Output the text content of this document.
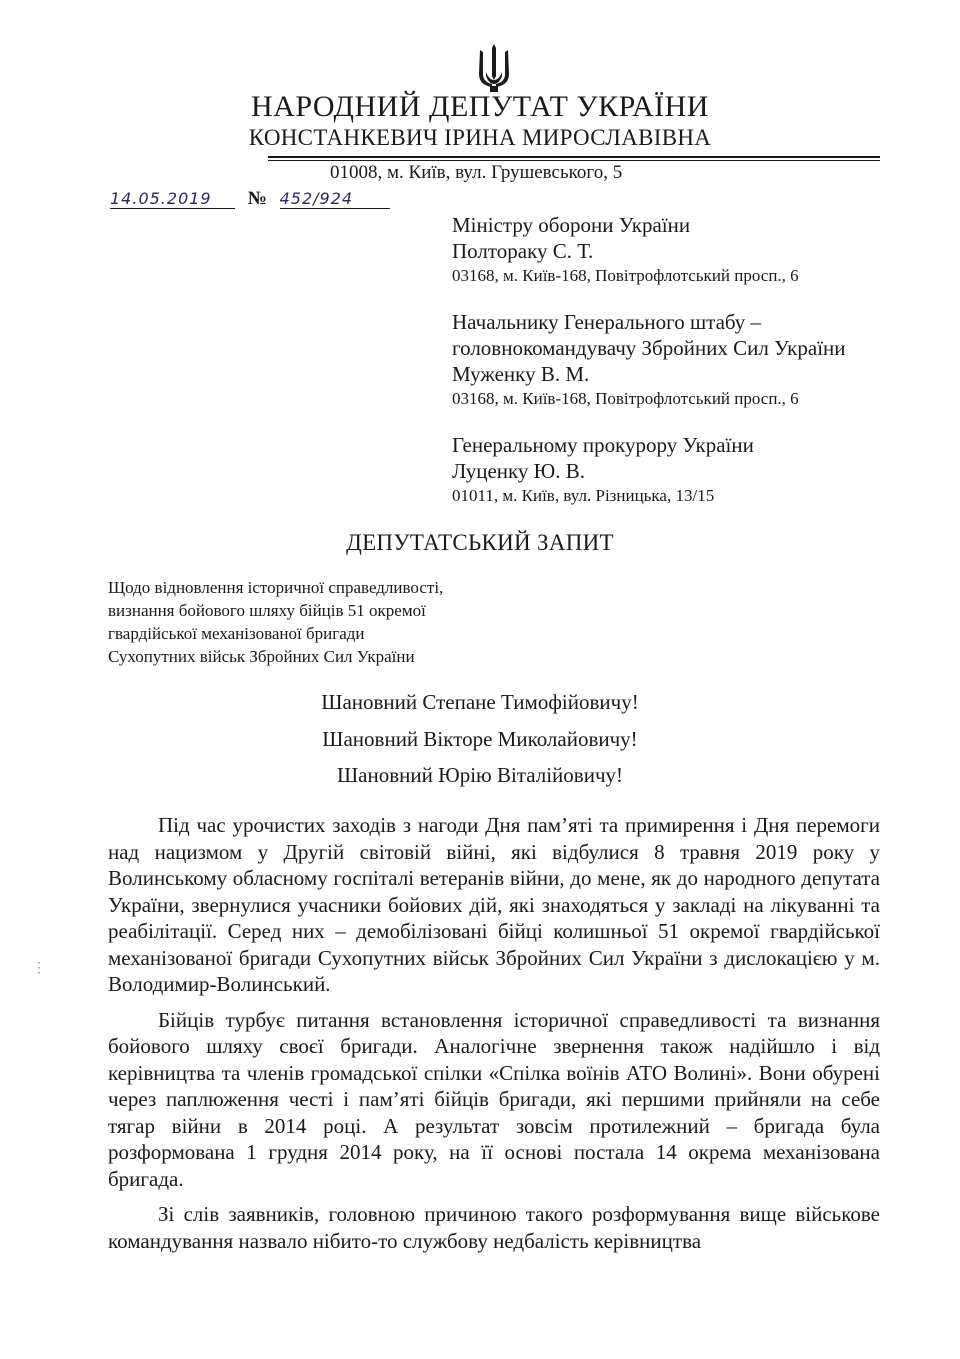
НАРОДНИЙ ДЕПУТАТ УКРАЇНИ
КОНСТАНКЕВИЧ ІРИНА МИРОСЛАВІВНА
01008, м. Київ, вул. Грушевського, 5
14.05.2019 № 452/924
Міністру оборони України
Полтораку С. Т.
03168, м. Київ-168, Повітрофлотський просп., 6
Начальнику Генерального штабу –
головнокомандувачу Збройних Сил України
Муженку В. М.
03168, м. Київ-168, Повітрофлотський просп., 6
Генеральному прокурору України
Луценку Ю. В.
01011, м. Київ, вул. Різницька, 13/15
ДЕПУТАТСЬКИЙ ЗАПИТ
Щодо відновлення історичної справедливості,
визнання бойового шляху бійців 51 окремої
гвардійської механізованої бригади
Сухопутних військ Збройних Сил України
Шановний Степане Тимофійовичу!
Шановний Вікторе Миколайовичу!
Шановний Юрію Віталійовичу!
⋮

Під час урочистих заходів з нагоди Дня пам’яті та примирення і Дня перемоги над нацизмом у Другій світовій війні, які відбулися 8 травня 2019 року у Волинському обласному госпіталі ветеранів війни, до мене, як до народного депутата України, звернулися учасники бойових дій, які знаходяться у закладі на лікуванні та реабілітації. Серед них – демобілізовані бійці колишньої 51 окремої гвардійської механізованої бригади Сухопутних військ Збройних Сил України з дислокацією у м. Володимир-Волинський.

Бійців турбує питання встановлення історичної справедливості та визнання бойового шляху своєї бригади. Аналогічне звернення також надійшло і від керівництва та членів громадської спілки «Спілка воїнів АТО Волині». Вони обурені через паплюження честі і пам’яті бійців бригади, які першими прийняли на себе тягар війни в 2014 році. А результат зовсім протилежний – бригада була розформована 1 грудня 2014 року, на її основі постала 14 окрема механізована бригада.

Зі слів заявників, головною причиною такого розформування вище військове командування назвало нібито-то службову недбалість керівництва
